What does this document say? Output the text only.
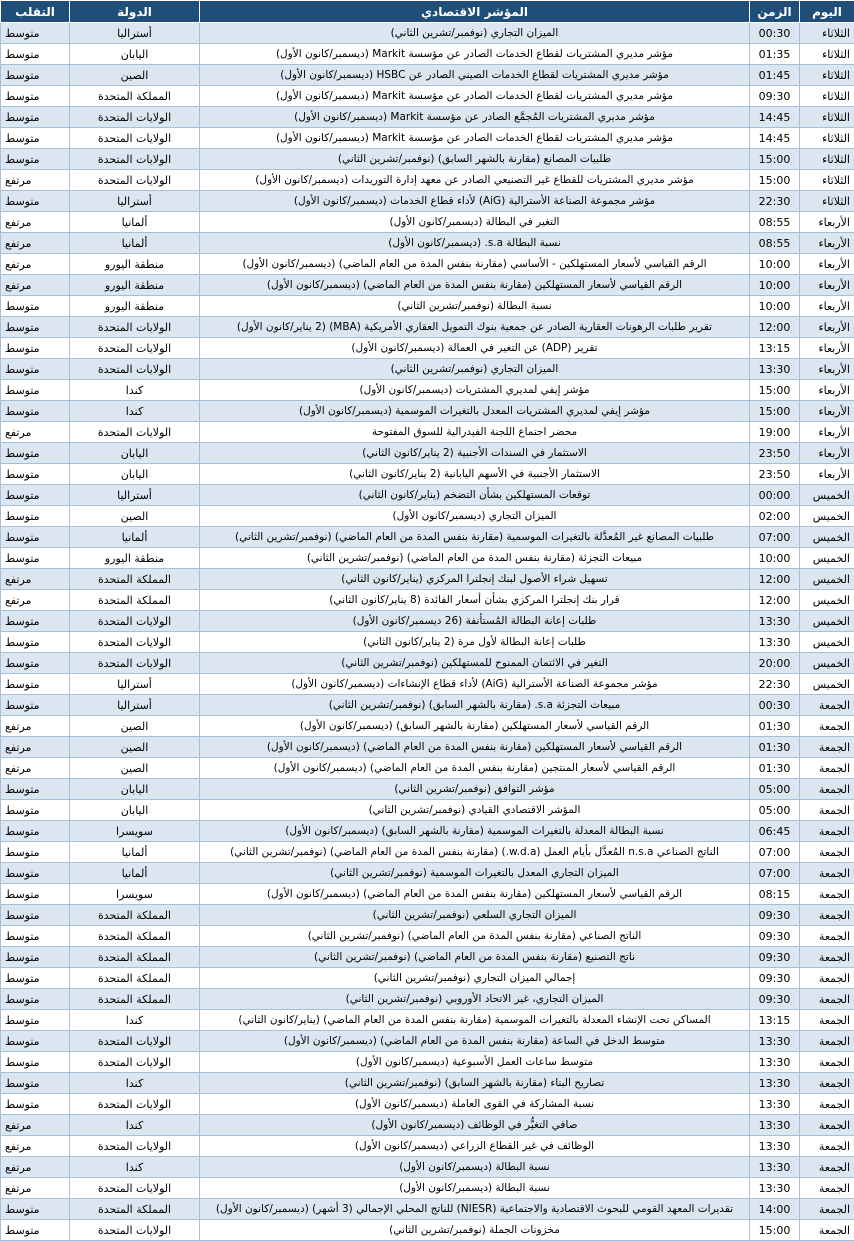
اليوم	الزمن	المؤشر الاقتصادي	الدولة	التقلب
الثلاثاء	00:30	الميزان التجاري (نوفمبر/تشرين الثاني)	أستراليا	متوسط
الثلاثاء	01:35	مؤشر مديري المشتريات لقطاع الخدمات الصادر عن مؤسسة Markit (ديسمبر/كانون الأول)	اليابان	متوسط
الثلاثاء	01:45	مؤشر مديري المشتريات لقطاع الخدمات الصيني الصادر عن HSBC (ديسمبر/كانون الأول)	الصين	متوسط
الثلاثاء	09:30	مؤشر مديري المشتريات لقطاع الخدمات الصادر عن مؤسسة Markit (ديسمبر/كانون الأول)	المملكة المتحدة	متوسط
الثلاثاء	14:45	مؤشر مديري المشتريات المُجمَّع الصادر عن مؤسسة Markit (ديسمبر/كانون الأول)	الولايات المتحدة	متوسط
الثلاثاء	14:45	مؤشر مديري المشتريات لقطاع الخدمات الصادر عن مؤسسة Markit (ديسمبر/كانون الأول)	الولايات المتحدة	متوسط
الثلاثاء	15:00	طلبيات المصانع (مقارنة بالشهر السابق) (نوفمبر/تشرين الثاني)	الولايات المتحدة	متوسط
الثلاثاء	15:00	مؤشر مديري المشتريات للقطاع غير التصنيعي الصادر عن معهد إدارة التوريدات (ديسمبر/كانون الأول)	الولايات المتحدة	مرتفع
الثلاثاء	22:30	مؤشر مجموعة الصناعة الأسترالية (AiG) لأداء قطاع الخدمات (ديسمبر/كانون الأول)	أستراليا	متوسط
الأربعاء	08:55	التغير في البطالة (ديسمبر/كانون الأول)	ألمانيا	مرتفع
الأربعاء	08:55	نسبة البطالة s.a. (ديسمبر/كانون الأول)	ألمانيا	مرتفع
الأربعاء	10:00	الرقم القياسي لأسعار المستهلكين - الأساسي (مقارنة بنفس المدة من العام الماضي) (ديسمبر/كانون الأول)	منطقة اليورو	مرتفع
الأربعاء	10:00	الرقم القياسي لأسعار المستهلكين (مقارنة بنفس المدة من العام الماضي) (ديسمبر/كانون الأول)	منطقة اليورو	مرتفع
الأربعاء	10:00	نسبة البطالة (نوفمبر/تشرين الثاني)	منطقة اليورو	متوسط
الأربعاء	12:00	تقرير طلبات الرهونات العقارية الصادر عن جمعية بنوك التمويل العقاري الأمريكية (MBA) (2 يناير/كانون الأول)	الولايات المتحدة	متوسط
الأربعاء	13:15	تقرير (ADP) عن التغير في العمالة (ديسمبر/كانون الأول)	الولايات المتحدة	متوسط
الأربعاء	13:30	الميزان التجاري (نوفمبر/تشرين الثاني)	الولايات المتحدة	متوسط
الأربعاء	15:00	مؤشر إيفي لمديري المشتريات (ديسمبر/كانون الأول)	كندا	متوسط
الأربعاء	15:00	مؤشر إيفي لمديري المشتريات المعدل بالتغيرات الموسمية (ديسمبر/كانون الأول)	كندا	متوسط
الأربعاء	19:00	محضر اجتماع اللجنة الفيدرالية للسوق المفتوحة	الولايات المتحدة	مرتفع
الأربعاء	23:50	الاستثمار في السندات الأجنبية (2 يناير/كانون الثاني)	اليابان	متوسط
الأربعاء	23:50	الاستثمار الأجنبية في الأسهم اليابانية (2 يناير/كانون الثاني)	اليابان	متوسط
الخميس	00:00	توقعات المستهلكين بشأن التضخم (يناير/كانون الثاني)	أستراليا	متوسط
الخميس	02:00	الميزان التجاري (ديسمبر/كانون الأول)	الصين	متوسط
الخميس	07:00	طلبيات المصانع غير المُعدَّلة بالتغيرات الموسمية (مقارنة بنفس المدة من العام الماضي) (نوفمبر/تشرين الثاني)	ألمانيا	متوسط
الخميس	10:00	مبيعات التجزئة (مقارنة بنفس المدة من العام الماضي) (نوفمبر/تشرين الثاني)	منطقة اليورو	متوسط
الخميس	12:00	تسهيل شراء الأصول لبنك إنجلترا المركزي (يناير/كانون الثاني)	المملكة المتحدة	مرتفع
الخميس	12:00	قرار بنك إنجلترا المركزي بشأن أسعار الفائدة (8 يناير/كانون الثاني)	المملكة المتحدة	مرتفع
الخميس	13:30	طلبات إعانة البطالة المُستأنفة (26 ديسمبر/كانون الأول)	الولايات المتحدة	متوسط
الخميس	13:30	طلبات إعانة البطالة لأول مرة (2 يناير/كانون الثاني)	الولايات المتحدة	متوسط
الخميس	20:00	التغير في الائتمان الممنوح للمستهلكين (نوفمبر/تشرين الثاني)	الولايات المتحدة	متوسط
الخميس	22:30	مؤشر مجموعة الصناعة الأسترالية (AiG) لأداء قطاع الإنشاءات (ديسمبر/كانون الأول)	أستراليا	متوسط
الجمعة	00:30	مبيعات التجزئة s.a. (مقارنة بالشهر السابق) (نوفمبر/تشرين الثاني)	أستراليا	متوسط
الجمعة	01:30	الرقم القياسي لأسعار المستهلكين (مقارنة بالشهر السابق) (ديسمبر/كانون الأول)	الصين	مرتفع
الجمعة	01:30	الرقم القياسي لأسعار المستهلكين (مقارنة بنفس المدة من العام الماضي) (ديسمبر/كانون الأول)	الصين	مرتفع
الجمعة	01:30	الرقم القياسي لأسعار المنتجين (مقارنة بنفس المدة من العام الماضي) (ديسمبر/كانون الأول)	الصين	مرتفع
الجمعة	05:00	مؤشر التوافق (نوفمبر/تشرين الثاني)	اليابان	متوسط
الجمعة	05:00	المؤشر الاقتصادي القيادي (نوفمبر/تشرين الثاني)	اليابان	متوسط
الجمعة	06:45	نسبة البطالة المعدلة بالتغيرات الموسمية (مقارنة بالشهر السابق) (ديسمبر/كانون الأول)	سويسرا	متوسط
الجمعة	07:00	الناتج الصناعي n.s.a المُعدَّل بأيام العمل (w.d.a.) (مقارنة بنفس المدة من العام الماضي) (نوفمبر/تشرين الثاني)	ألمانيا	متوسط
الجمعة	07:00	الميزان التجاري المعدل بالتغيرات الموسمية (نوفمبر/تشرين الثاني)	ألمانيا	متوسط
الجمعة	08:15	الرقم القياسي لأسعار المستهلكين (مقارنة بنفس المدة من العام الماضي) (ديسمبر/كانون الأول)	سويسرا	متوسط
الجمعة	09:30	الميزان التجاري السلعي (نوفمبر/تشرين الثاني)	المملكة المتحدة	متوسط
الجمعة	09:30	الناتج الصناعي (مقارنة بنفس المدة من العام الماضي) (نوفمبر/تشرين الثاني)	المملكة المتحدة	متوسط
الجمعة	09:30	ناتج التصنيع (مقارنة بنفس المدة من العام الماضي) (نوفمبر/تشرين الثاني)	المملكة المتحدة	متوسط
الجمعة	09:30	إجمالي الميزان التجاري (نوفمبر/تشرين الثاني)	المملكة المتحدة	متوسط
الجمعة	09:30	الميزان التجاري، غير الاتحاد الأوروبي (نوفمبر/تشرين الثاني)	المملكة المتحدة	متوسط
الجمعة	13:15	المساكن تحت الإنشاء المعدلة بالتغيرات الموسمية (مقارنة بنفس المدة من العام الماضي) (يناير/كانون الثاني)	كندا	متوسط
الجمعة	13:30	متوسط الدخل في الساعة (مقارنة بنفس المدة من العام الماضي) (ديسمبر/كانون الأول)	الولايات المتحدة	متوسط
الجمعة	13:30	متوسط ساعات العمل الأسبوعية (ديسمبر/كانون الأول)	الولايات المتحدة	متوسط
الجمعة	13:30	تصاريح البناء (مقارنة بالشهر السابق) (نوفمبر/تشرين الثاني)	كندا	متوسط
الجمعة	13:30	نسبة المشاركة في القوى العاملة (ديسمبر/كانون الأول)	الولايات المتحدة	متوسط
الجمعة	13:30	صافي التغيُّر في الوظائف (ديسمبر/كانون الأول)	كندا	مرتفع
الجمعة	13:30	الوظائف في غير القطاع الزراعي (ديسمبر/كانون الأول)	الولايات المتحدة	مرتفع
الجمعة	13:30	نسبة البطالة (ديسمبر/كانون الأول)	كندا	مرتفع
الجمعة	13:30	نسبة البطالة (ديسمبر/كانون الأول)	الولايات المتحدة	مرتفع
الجمعة	14:00	تقديرات المعهد القومي للبحوث الاقتصادية والاجتماعية (NIESR) للناتج المحلي الإجمالي (3 أشهر) (ديسمبر/كانون الأول)	المملكة المتحدة	متوسط
الجمعة	15:00	مخزونات الجملة (نوفمبر/تشرين الثاني)	الولايات المتحدة	متوسط
